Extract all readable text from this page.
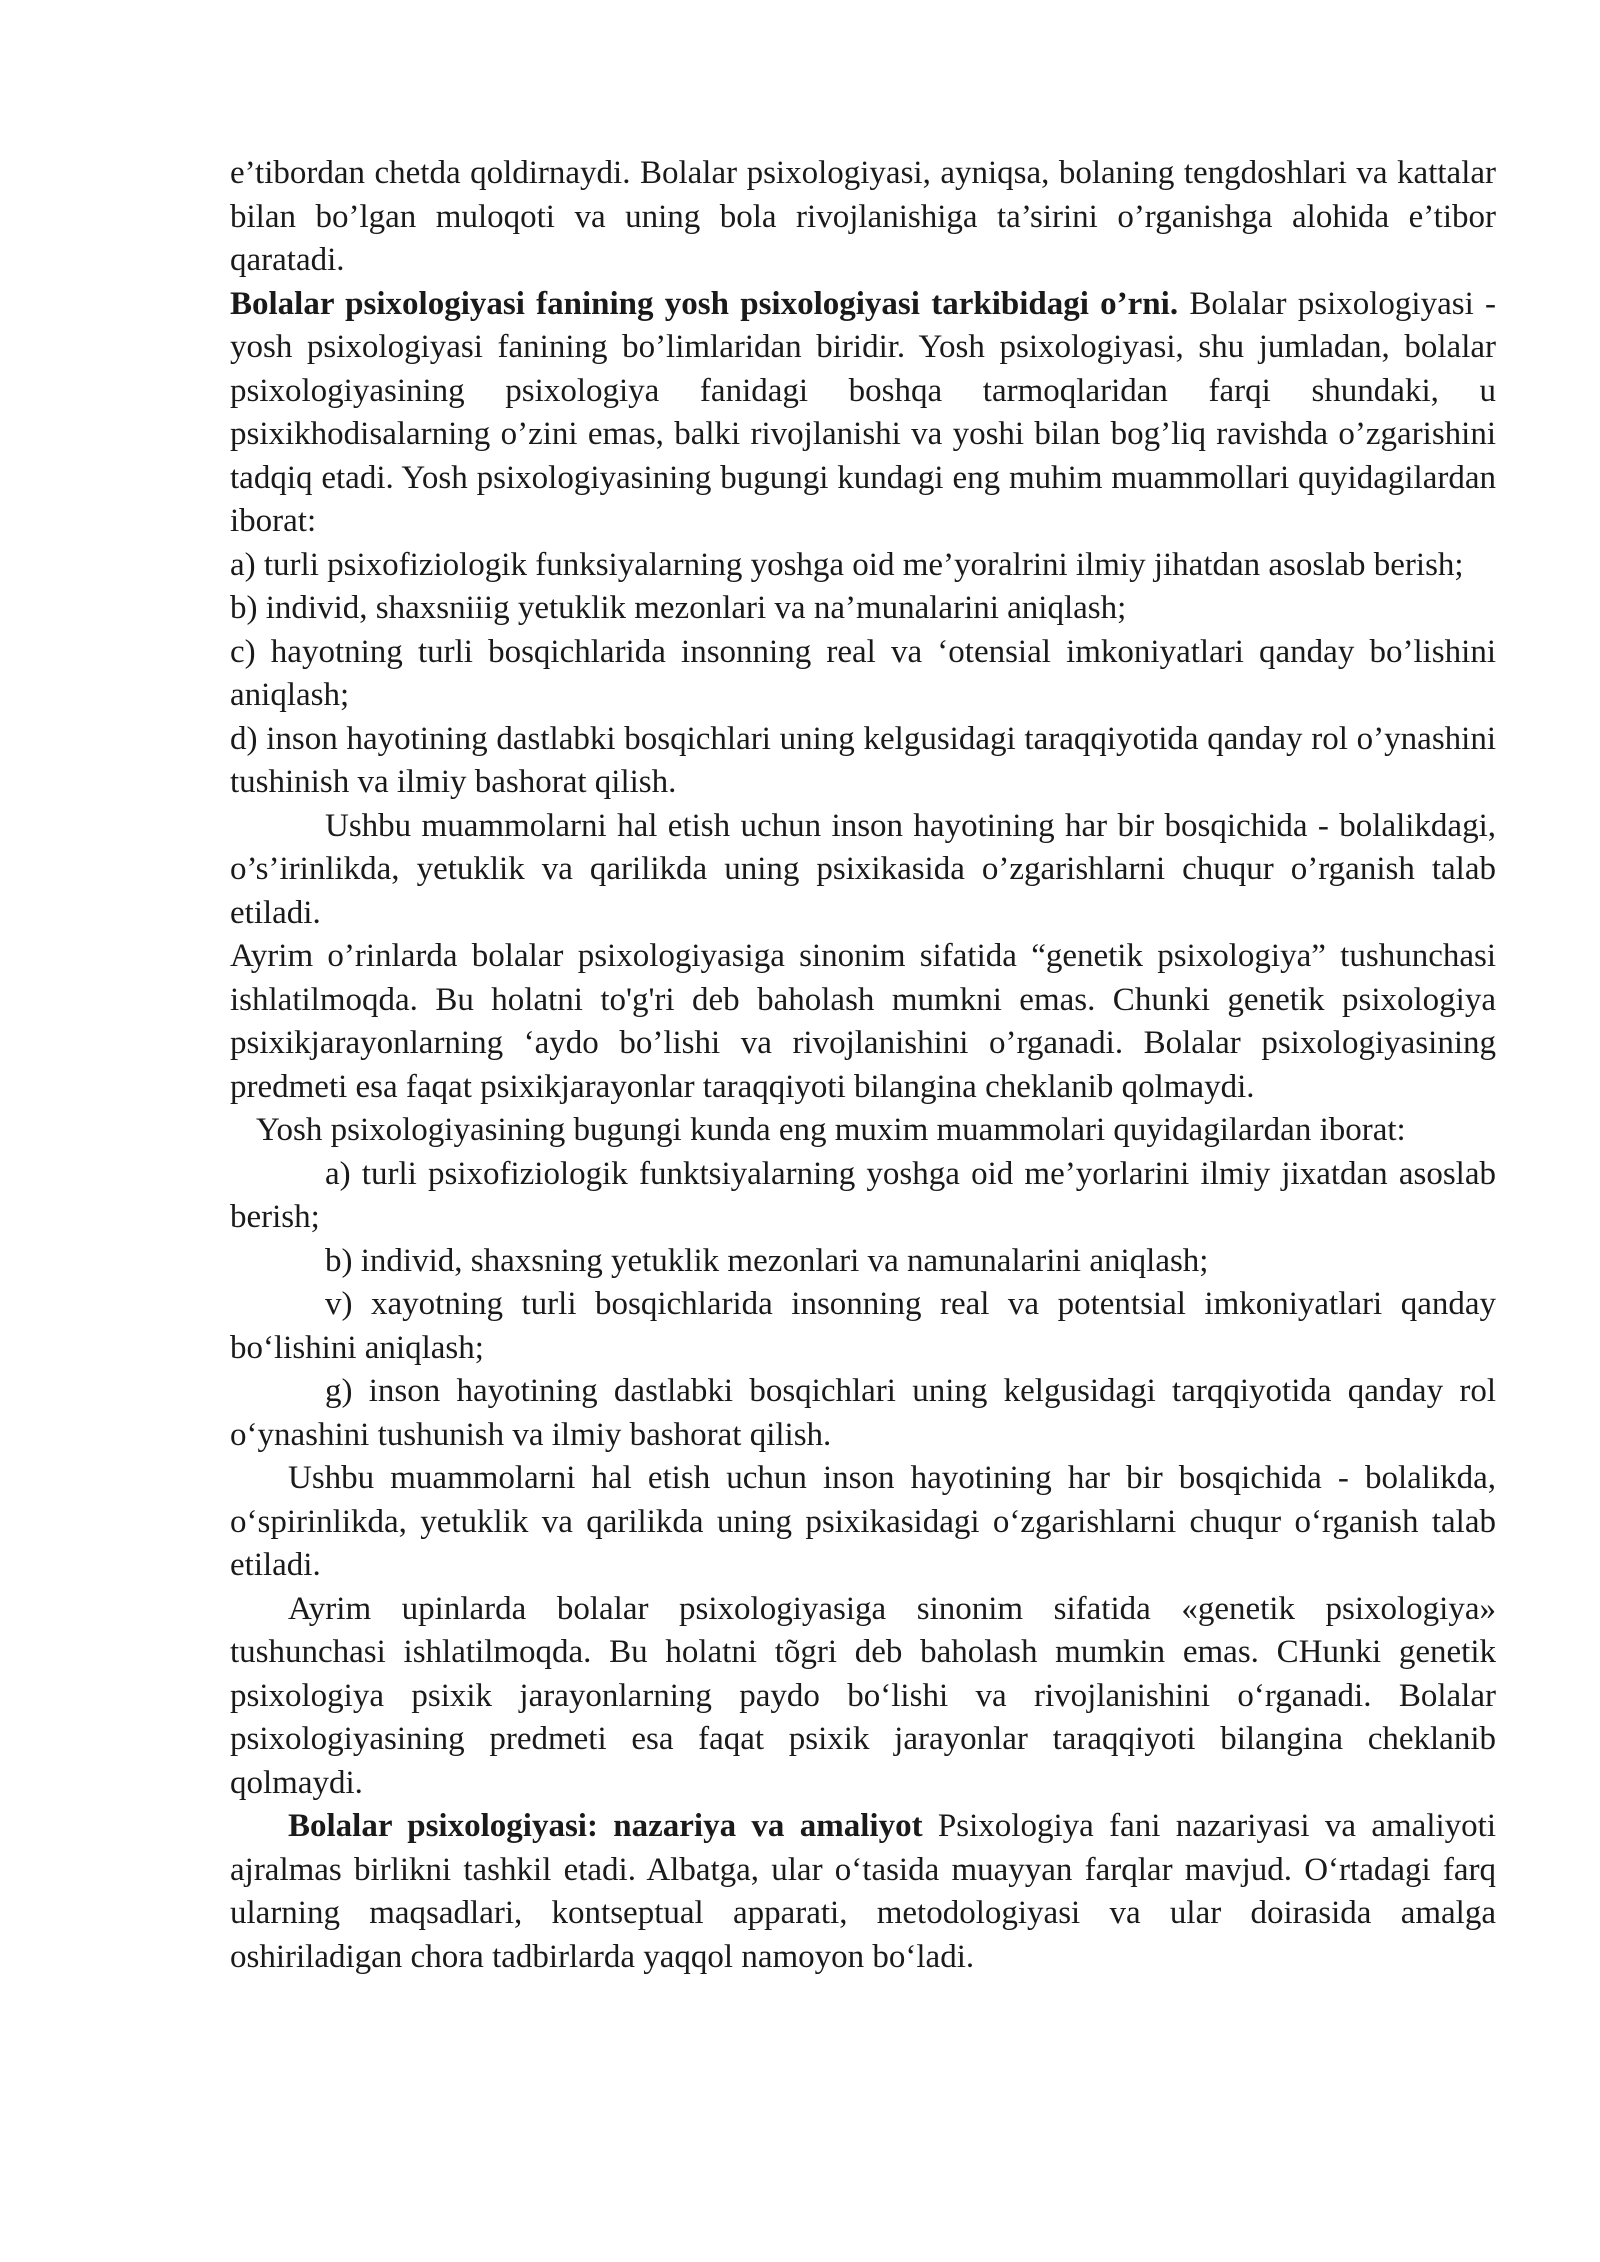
e’tibordan chetda qoldirnaydi. Bolalar psixologiyasi, ayniqsa, bolaning tengdoshlari va kattalar bilan bo’lgan muloqoti va uning bola rivojlanishiga ta’sirini o’rganishga alohida e’tibor qaratadi.

Bolalar psixologiyasi fanining yosh psixologiyasi tarkibidagi o’rni. Bolalar psixologiyasi - yosh psixologiyasi fanining bo’limlaridan biridir. Yosh psixologiyasi, shu jumladan, bolalar psixologiyasining psixologiya fanidagi boshqa tarmoqlaridan farqi shundaki, u psixikhodisalarning o’zini emas, balki rivojlanishi va yoshi bilan bog’liq ravishda o’zgarishini tadqiq etadi. Yosh psixologiyasining bugungi kundagi eng muhim muammollari quyidagilardan iborat:

a) turli psixofiziologik funksiyalarning yoshga oid me’yoralrini ilmiy jihatdan asoslab berish;

b) individ, shaxsniiig yetuklik mezonlari va na’munalarini aniqlash;

c) hayotning turli bosqichlarida insonning real va ‘otensial imkoniyatlari qanday bo’lishini aniqlash;

d) inson hayotining dastlabki bosqichlari uning kelgusidagi taraqqiyotida qanday rol o’ynashini tushinish va ilmiy bashorat qilish.

Ushbu muammolarni hal etish uchun inson hayotining har bir bosqichida - bolalikdagi, o’s’irinlikda, yetuklik va qarilikda uning psixikasida o’zgarishlarni chuqur o’rganish talab etiladi.

Ayrim o’rinlarda bolalar psixologiyasiga sinonim sifatida “genetik psixologiya” tushunchasi ishlatilmoqda. Bu holatni to'g'ri deb baholash mumkni emas. Chunki genetik psixologiya psixikjarayonlarning ‘aydo bo’lishi va rivojlanishini o’rganadi. Bolalar psixologiyasining predmeti esa faqat psixikjarayonlar taraqqiyoti bilangina cheklanib qolmaydi.

Yosh psixologiyasining bugungi kunda eng muxim muammolari quyidagilardan iborat:

a) turli psixofiziologik funktsiyalarning yoshga oid me’yorlarini ilmiy jixatdan asoslab berish;

b) individ, shaxsning yetuklik mezonlari va namunalarini aniqlash;

v) xayotning turli bosqichlarida insonning real va potentsial imkoniyatlari qanday boʻlishini aniqlash;

g) inson hayotining dastlabki bosqichlari uning kelgusidagi tarqqiyotida qanday rol oʻynashini tushunish va ilmiy bashorat qilish.

Ushbu muammolarni hal etish uchun inson hayotining har bir bosqichida - bolalikda, oʻspirinlikda, yetuklik va qarilikda uning psixikasidagi oʻzgarishlarni chuqur oʻrganish talab etiladi.

Ayrim upinlarda bolalar psixologiyasiga sinonim sifatida «genetik psixologiya» tushunchasi ishlatilmoqda. Bu holatni tõgri deb baholash mumkin emas. CHunki genetik psixologiya psixik jarayonlarning paydo boʻlishi va rivojlanishini oʻrganadi. Bolalar psixologiyasining predmeti esa faqat psixik jarayonlar taraqqiyoti bilangina cheklanib qolmaydi.

Bolalar psixologiyasi: nazariya va amaliyot Psixologiya fani nazariyasi va amaliyoti ajralmas birlikni tashkil etadi. Albatga, ular oʻtasida muayyan farqlar mavjud. Oʻrtadagi farq ularning maqsadlari, kontseptual apparati, metodologiyasi va ular doirasida amalga oshiriladigan chora tadbirlarda yaqqol namoyon boʻladi.
